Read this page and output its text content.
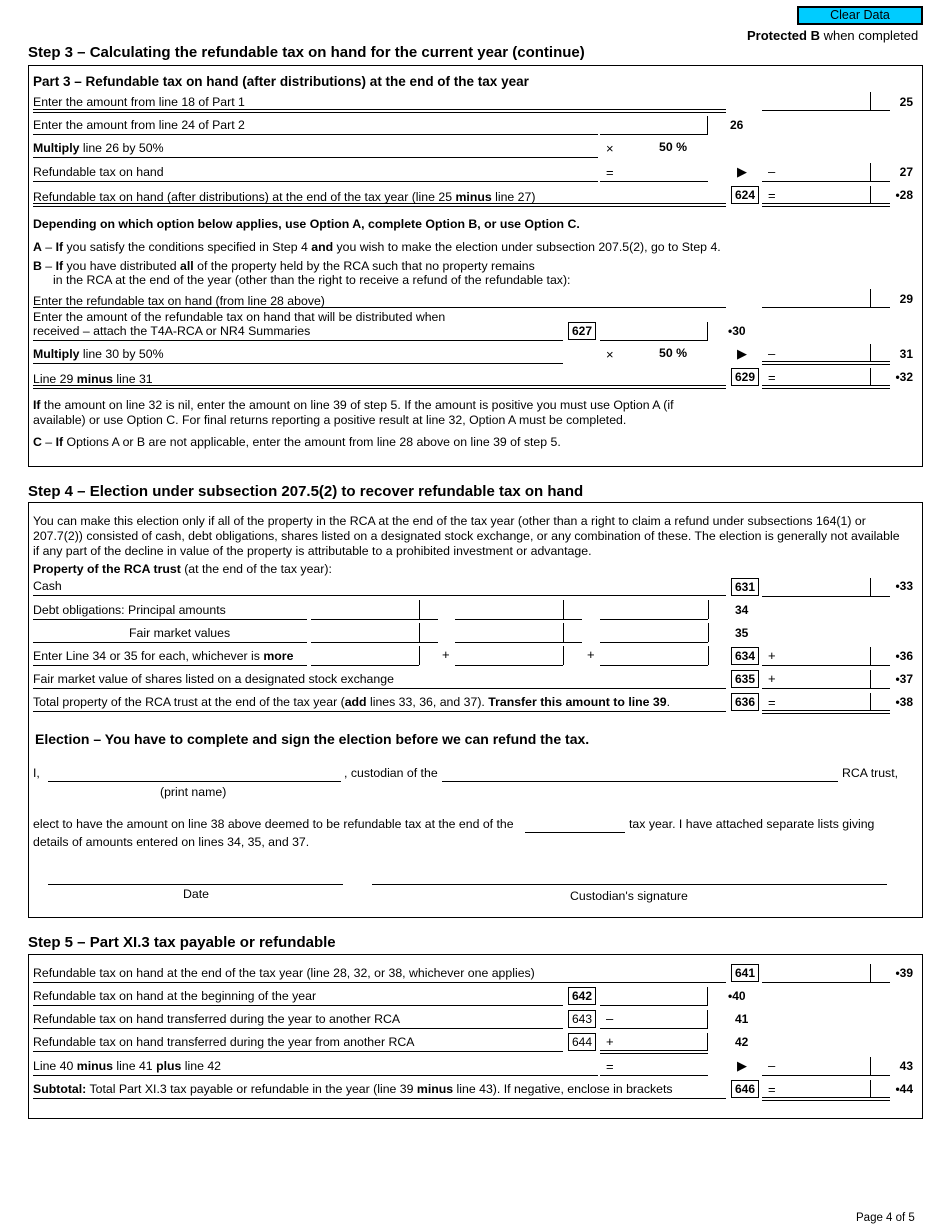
Clear Data
Protected B when completed
Step 3 – Calculating the refundable tax on hand for the current year (continue)
Part 3 – Refundable tax on hand (after distributions) at the end of the tax year
Enter the amount from line 18 of Part 1	25
Enter the amount from line 24 of Part 2	26
Multiply line 26 by 50%	×	50 %
Refundable tax on hand	=	▶ –	27
Refundable tax on hand (after distributions) at the end of the tax year (line 25 minus line 27)	624 =	•28
Depending on which option below applies, use Option A, complete Option B, or use Option C.
A – If you satisfy the conditions specified in Step 4 and you wish to make the election under subsection 207.5(2), go to Step 4.
B – If you have distributed all of the property held by the RCA such that no property remains
in the RCA at the end of the year (other than the right to receive a refund of the refundable tax):
Enter the refundable tax on hand (from line 28 above)	29
Enter the amount of the refundable tax on hand that will be distributed when
received – attach the T4A-RCA or NR4 Summaries	627	•30
Multiply line 30 by 50%	×	50 %	▶ –	31
Line 29 minus line 31	629 =	•32
If the amount on line 32 is nil, enter the amount on line 39 of step 5. If the amount is positive you must use Option A (if
available) or use Option C. For final returns reporting a positive result at line 32, Option A must be completed.
C – If Options A or B are not applicable, enter the amount from line 28 above on line 39 of step 5.
Step 4 – Election under subsection 207.5(2) to recover refundable tax on hand
You can make this election only if all of the property in the RCA at the end of the tax year (other than a right to claim a refund under subsections 164(1) or
207.7(2)) consisted of cash, debt obligations, shares listed on a designated stock exchange, or any combination of these. The election is generally not available
if any part of the decline in value of the property is attributable to a prohibited investment or advantage.
Property of the RCA trust (at the end of the tax year):
Cash	631	•33
Debt obligations: Principal amounts	34
Fair market values	35
Enter Line 34 or 35 for each, whichever is more	+	+	634 +	•36
Fair market value of shares listed on a designated stock exchange	635 +	•37
Total property of the RCA trust at the end of the tax year (add lines 33, 36, and 37). Transfer this amount to line 39.	636 =	•38
Election – You have to complete and sign the election before we can refund the tax.
I,	, custodian of the	RCA trust,
(print name)
elect to have the amount on line 38 above deemed to be refundable tax at the end of the	tax year. I have attached separate lists giving
details of amounts entered on lines 34, 35, and 37.
Date	Custodian's signature
Step 5 – Part XI.3 tax payable or refundable
Refundable tax on hand at the end of the tax year (line 28, 32, or 38, whichever one applies)	641	•39
Refundable tax on hand at the beginning of the year	642	•40
Refundable tax on hand transferred during the year to another RCA	643	–	41
Refundable tax on hand transferred during the year from another RCA	644	+	42
Line 40 minus line 41 plus line 42	=	▶ –	43
Subtotal: Total Part XI.3 tax payable or refundable in the year (line 39 minus line 43). If negative, enclose in brackets	646 =	•44
Page 4 of 5
